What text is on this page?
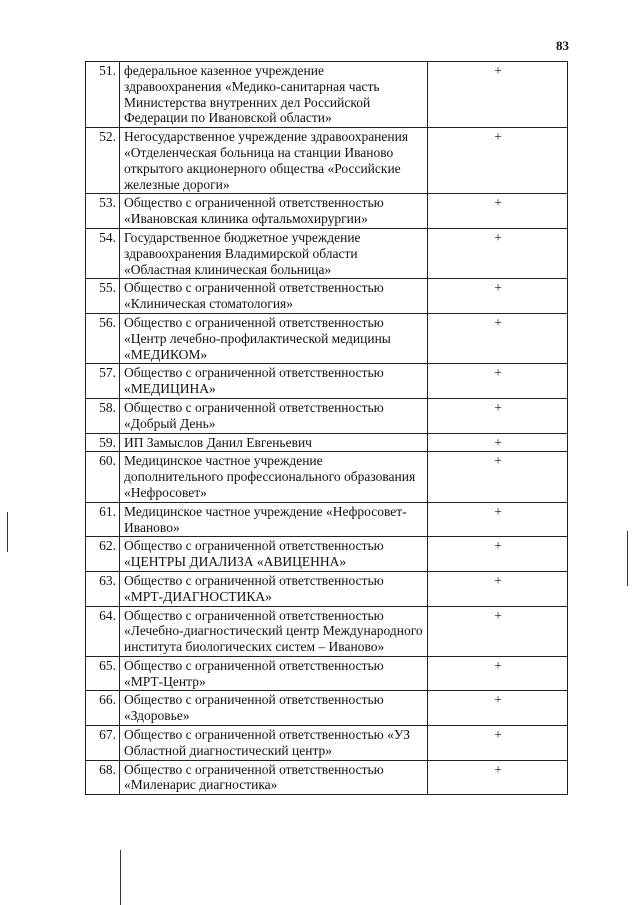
83
51.	федеральное казенное учреждение здравоохранения «Медико-санитарная часть Министерства внутренних дел Российской Федерации по Ивановской области»	+
52.	Негосударственное учреждение здравоохранения «Отделенческая больница на станции Иваново открытого акционерного общества «Российские железные дороги»	+
53.	Общество с ограниченной ответственностью «Ивановская клиника офтальмохирургии»	+
54.	Государственное бюджетное учреждение здравоохранения Владимирской области «Областная клиническая больница»	+
55.	Общество с ограниченной ответственностью «Клиническая стоматология»	+
56.	Общество с ограниченной ответственностью «Центр лечебно-профилактической медицины «МЕДИКОМ»	+
57.	Общество с ограниченной ответственностью «МЕДИЦИНА»	+
58.	Общество с ограниченной ответственностью «Добрый День»	+
59.	ИП Замыслов Данил Евгеньевич	+
60.	Медицинское частное учреждение дополнительного профессионального образования «Нефросовет»	+
61.	Медицинское частное учреждение «Нефросовет-Иваново»	+
62.	Общество с ограниченной ответственностью «ЦЕНТРЫ ДИАЛИЗА «АВИЦЕННА»	+
63.	Общество с ограниченной ответственностью «МРТ-ДИАГНОСТИКА»	+
64.	Общество с ограниченной ответственностью «Лечебно-диагностический центр Международного института биологических систем – Иваново»	+
65.	Общество с ограниченной ответственностью «МРТ-Центр»	+
66.	Общество с ограниченной ответственностью «Здоровье»	+
67.	Общество с ограниченной ответственностью «УЗ Областной диагностический центр»	+
68.	Общество с ограниченной ответственностью «Миленарис диагностика»	+
